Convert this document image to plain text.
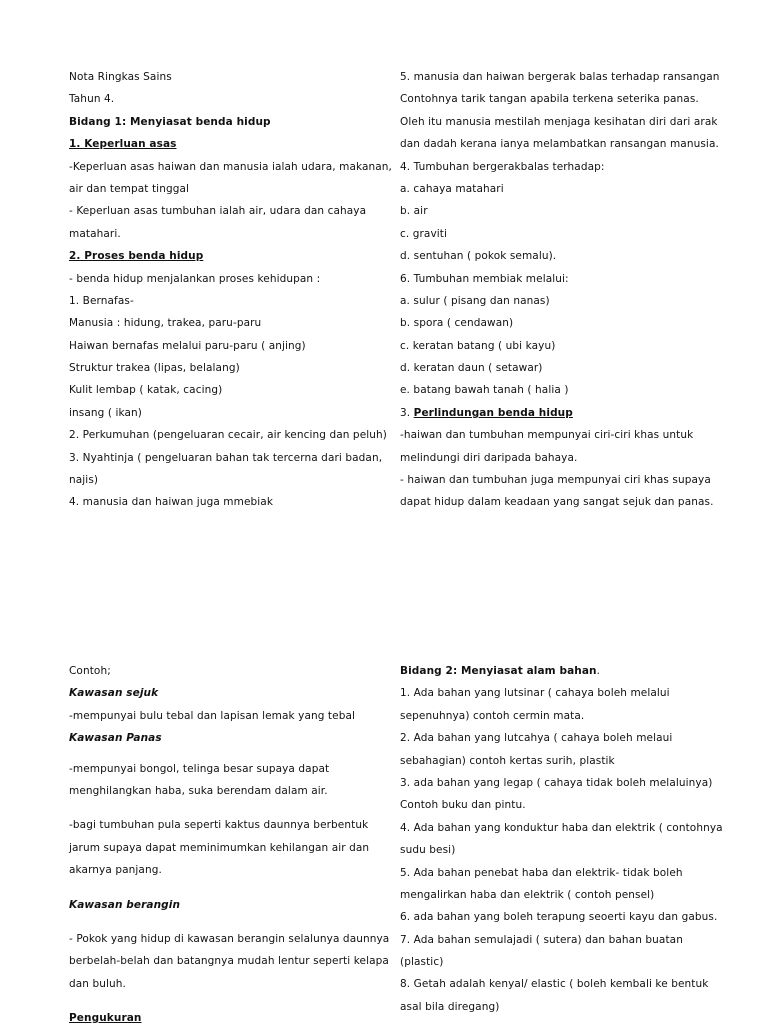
Nota Ringkas Sains
Tahun 4.
Bidang 1: Menyiasat benda hidup
1. Keperluan asas
-Keperluan asas haiwan dan manusia ialah udara, makanan,
air dan tempat tinggal
- Keperluan asas tumbuhan ialah air, udara dan cahaya
matahari.
2. Proses benda hidup
- benda hidup menjalankan proses kehidupan :
1. Bernafas-
Manusia : hidung, trakea, paru-paru
Haiwan bernafas melalui paru-paru ( anjing)
Struktur trakea (lipas, belalang)
Kulit lembap ( katak, cacing)
insang ( ikan)
2. Perkumuhan (pengeluaran cecair, air kencing dan peluh)
3. Nyahtinja ( pengeluaran bahan tak tercerna dari badan,
najis)
4. manusia dan haiwan juga mmebiak
5. manusia dan haiwan bergerak balas terhadap ransangan
Contohnya tarik tangan apabila terkena seterika panas.
Oleh itu manusia mestilah menjaga kesihatan diri dari arak
dan dadah kerana ianya melambatkan ransangan manusia.
4. Tumbuhan bergerakbalas terhadap:
a. cahaya matahari
b. air
c. graviti
d. sentuhan ( pokok semalu).
6. Tumbuhan membiak melalui:
a. sulur ( pisang dan nanas)
b. spora ( cendawan)
c. keratan batang ( ubi kayu)
d. keratan daun ( setawar)
e. batang bawah tanah ( halia )
3. Perlindungan benda hidup
-haiwan dan tumbuhan mempunyai ciri-ciri khas untuk
melindungi diri daripada bahaya.
- haiwan dan tumbuhan juga mempunyai ciri khas supaya
dapat hidup dalam keadaan yang sangat sejuk dan panas.
Contoh;
Kawasan sejuk
-mempunyai bulu tebal dan lapisan lemak yang tebal
Kawasan Panas
-mempunyai bongol, telinga besar supaya dapat
menghilangkan haba, suka berendam dalam air.
-bagi tumbuhan pula seperti kaktus daunnya berbentuk
jarum supaya dapat meminimumkan kehilangan air dan
akarnya panjang.
Kawasan berangin
- Pokok yang hidup di kawasan berangin selalunya daunnya
berbelah-belah dan batangnya mudah lentur seperti kelapa
dan buluh.
Pengukuran
Bidang 2: Menyiasat alam bahan.
1. Ada bahan yang lutsinar ( cahaya boleh melalui
sepenuhnya) contoh cermin mata.
2. Ada bahan yang lutcahya ( cahaya boleh melaui
sebahagian) contoh kertas surih, plastik
3. ada bahan yang legap ( cahaya tidak boleh melaluinya)
Contoh buku dan pintu.
4. Ada bahan yang konduktur haba dan elektrik ( contohnya
sudu besi)
5. Ada bahan penebat haba dan elektrik- tidak boleh
mengalirkan haba dan elektrik ( contoh pensel)
6. ada bahan yang boleh terapung seoerti kayu dan gabus.
7. Ada bahan semulajadi ( sutera) dan bahan buatan
(plastic)
8. Getah adalah kenyal/ elastic ( boleh kembali ke bentuk
asal bila diregang)
